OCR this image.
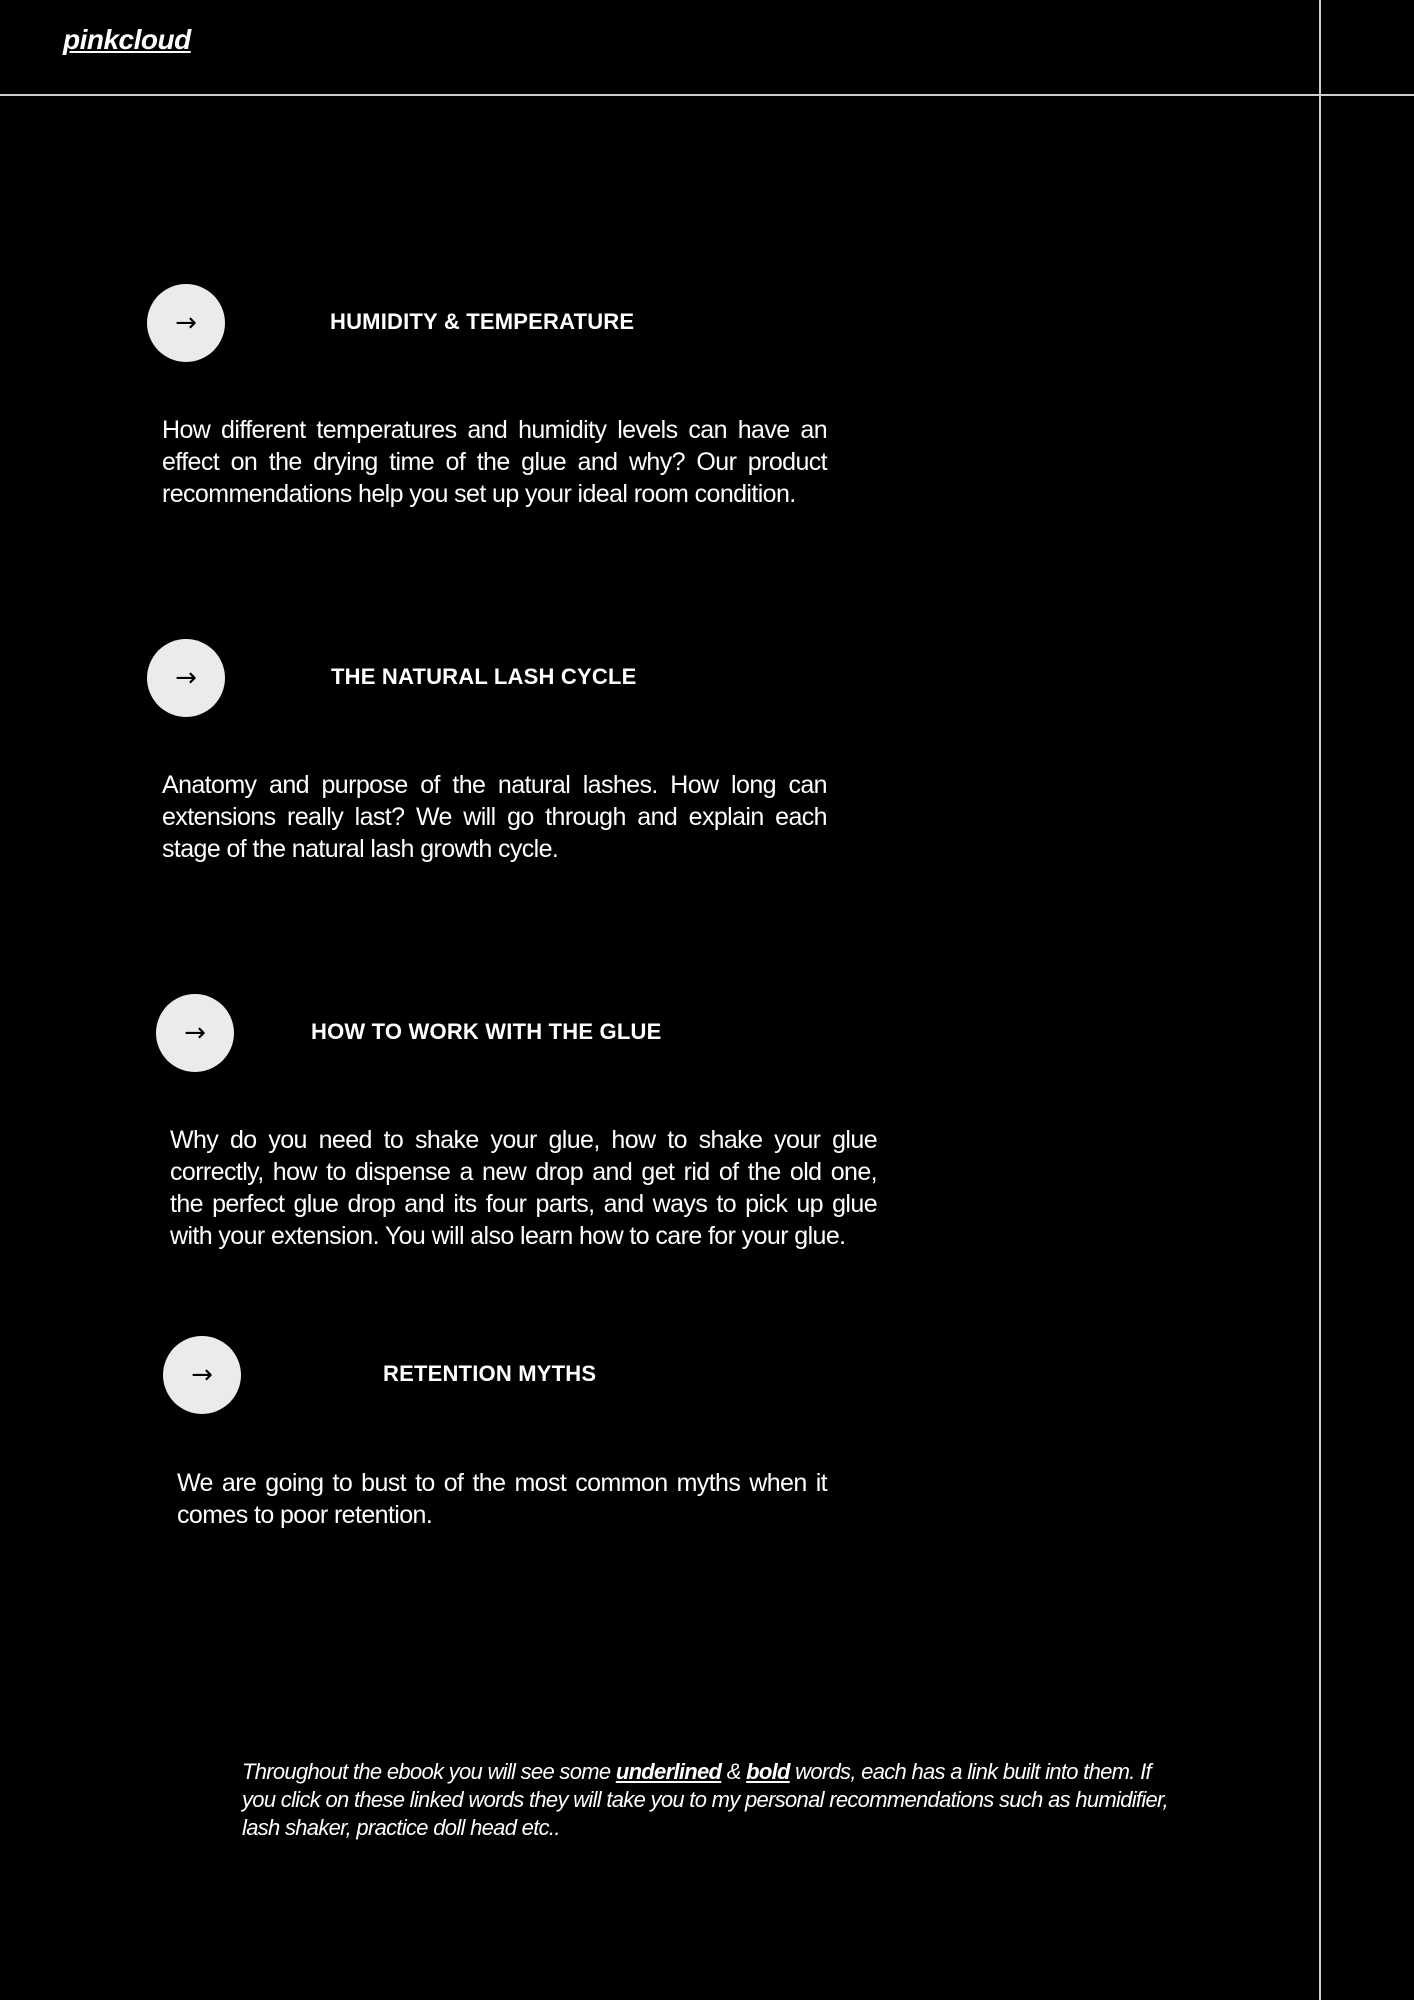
pinkcloud
→	HUMIDITY & TEMPERATURE
How different temperatures and humidity levels can have an effect on the drying time of the glue and why? Our product recommendations help you set up your ideal room condition.
→	THE NATURAL LASH CYCLE
Anatomy and purpose of the natural lashes. How long can extensions really last? We will go through and explain each stage of the natural lash growth cycle.
→	HOW TO WORK WITH THE GLUE
Why do you need to shake your glue, how to shake your glue correctly, how to dispense a new drop and get rid of the old one, the perfect glue drop and its four parts, and ways to pick up glue with your extension. You will also learn how to care for your glue.
→	RETENTION MYTHS
We are going to bust to of the most common myths when it comes to poor retention.
Throughout the ebook you will see some underlined & bold words, each has a link built into them. If you click on these linked words they will take you to my personal recommendations such as humidifier, lash shaker, practice doll head etc..
